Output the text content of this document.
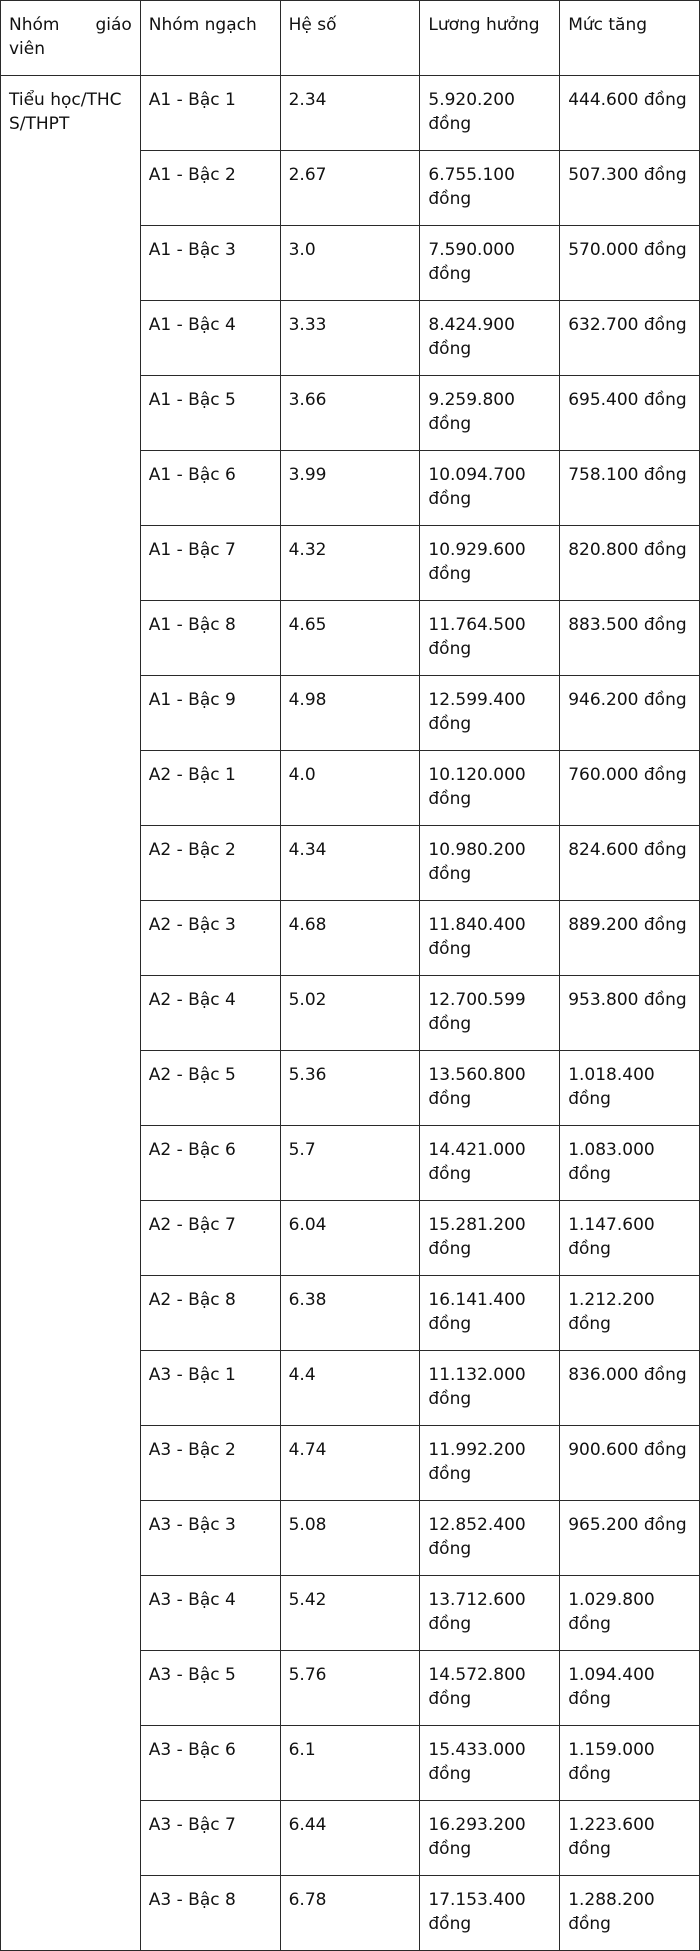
Nhóm giáo viên	Nhóm ngạch	Hệ số	Lương hưởng	Mức tăng
Tiểu học/THCS/THPT	A1 - Bậc 1	2.34	5.920.200 đồng	444.600 đồng
	A1 - Bậc 2	2.67	6.755.100 đồng	507.300 đồng
	A1 - Bậc 3	3.0	7.590.000 đồng	570.000 đồng
	A1 - Bậc 4	3.33	8.424.900 đồng	632.700 đồng
	A1 - Bậc 5	3.66	9.259.800 đồng	695.400 đồng
	A1 - Bậc 6	3.99	10.094.700 đồng	758.100 đồng
	A1 - Bậc 7	4.32	10.929.600 đồng	820.800 đồng
	A1 - Bậc 8	4.65	11.764.500 đồng	883.500 đồng
	A1 - Bậc 9	4.98	12.599.400 đồng	946.200 đồng
	A2 - Bậc 1	4.0	10.120.000 đồng	760.000 đồng
	A2 - Bậc 2	4.34	10.980.200 đồng	824.600 đồng
	A2 - Bậc 3	4.68	11.840.400 đồng	889.200 đồng
	A2 - Bậc 4	5.02	12.700.599 đồng	953.800 đồng
	A2 - Bậc 5	5.36	13.560.800 đồng	1.018.400 đồng
	A2 - Bậc 6	5.7	14.421.000 đồng	1.083.000 đồng
	A2 - Bậc 7	6.04	15.281.200 đồng	1.147.600 đồng
	A2 - Bậc 8	6.38	16.141.400 đồng	1.212.200 đồng
	A3 - Bậc 1	4.4	11.132.000 đồng	836.000 đồng
	A3 - Bậc 2	4.74	11.992.200 đồng	900.600 đồng
	A3 - Bậc 3	5.08	12.852.400 đồng	965.200 đồng
	A3 - Bậc 4	5.42	13.712.600 đồng	1.029.800 đồng
	A3 - Bậc 5	5.76	14.572.800 đồng	1.094.400 đồng
	A3 - Bậc 6	6.1	15.433.000 đồng	1.159.000 đồng
	A3 - Bậc 7	6.44	16.293.200 đồng	1.223.600 đồng
	A3 - Bậc 8	6.78	17.153.400 đồng	1.288.200 đồng
